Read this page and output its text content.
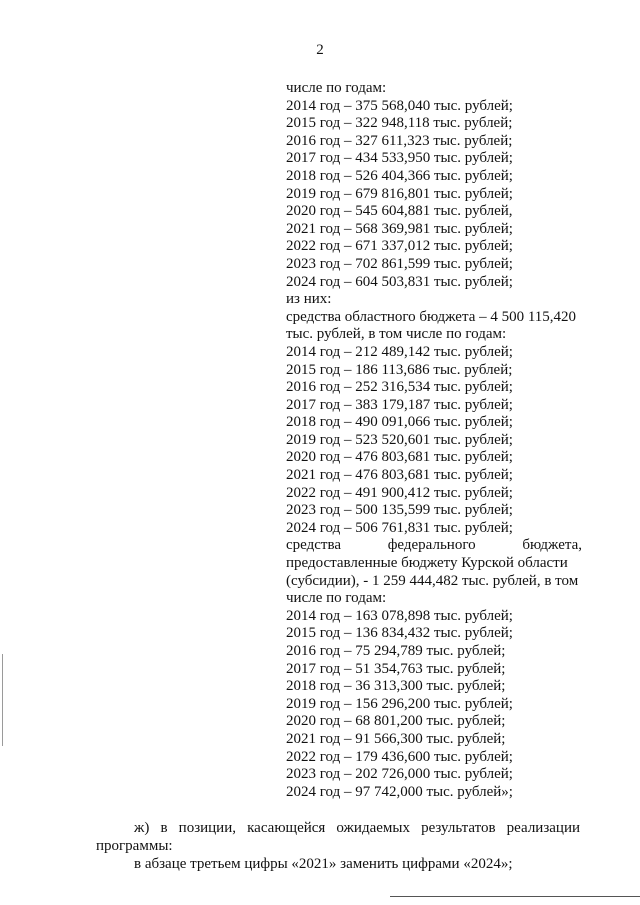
2
числе по годам:
2014 год – 375 568,040 тыс. рублей;
2015 год – 322 948,118 тыс. рублей;
2016 год – 327 611,323 тыс. рублей;
2017 год – 434 533,950 тыс. рублей;
2018 год – 526 404,366 тыс. рублей;
2019 год – 679 816,801 тыс. рублей;
2020 год – 545 604,881 тыс. рублей,
2021 год – 568 369,981 тыс. рублей;
2022 год – 671 337,012 тыс. рублей;
2023 год – 702 861,599 тыс. рублей;
2024 год – 604 503,831 тыс. рублей;
из них:
средства областного бюджета – 4 500 115,420 тыс. рублей, в том числе по годам:
2014 год – 212 489,142 тыс. рублей;
2015 год – 186 113,686 тыс. рублей;
2016 год – 252 316,534 тыс. рублей;
2017 год – 383 179,187 тыс. рублей;
2018 год – 490 091,066 тыс. рублей;
2019 год – 523 520,601 тыс. рублей;
2020 год – 476 803,681 тыс. рублей;
2021 год – 476 803,681 тыс. рублей;
2022 год – 491 900,412 тыс. рублей;
2023 год – 500 135,599 тыс. рублей;
2024 год – 506 761,831 тыс. рублей;
средства федерального бюджета,
предоставленные бюджету Курской области (субсидии), - 1 259 444,482 тыс. рублей, в том числе по годам:
2014 год – 163 078,898 тыс. рублей;
2015 год – 136 834,432 тыс. рублей;
2016 год – 75 294,789 тыс. рублей;
2017 год – 51 354,763 тыс. рублей;
2018 год – 36 313,300 тыс. рублей;
2019 год – 156 296,200 тыс. рублей;
2020 год – 68 801,200 тыс. рублей;
2021 год – 91 566,300 тыс. рублей;
2022 год – 179 436,600 тыс. рублей;
2023 год – 202 726,000 тыс. рублей;
2024 год – 97 742,000 тыс. рублей»;
ж) в позиции, касающейся ожидаемых результатов реализации
программы:
в абзаце третьем цифры «2021» заменить цифрами «2024»;
